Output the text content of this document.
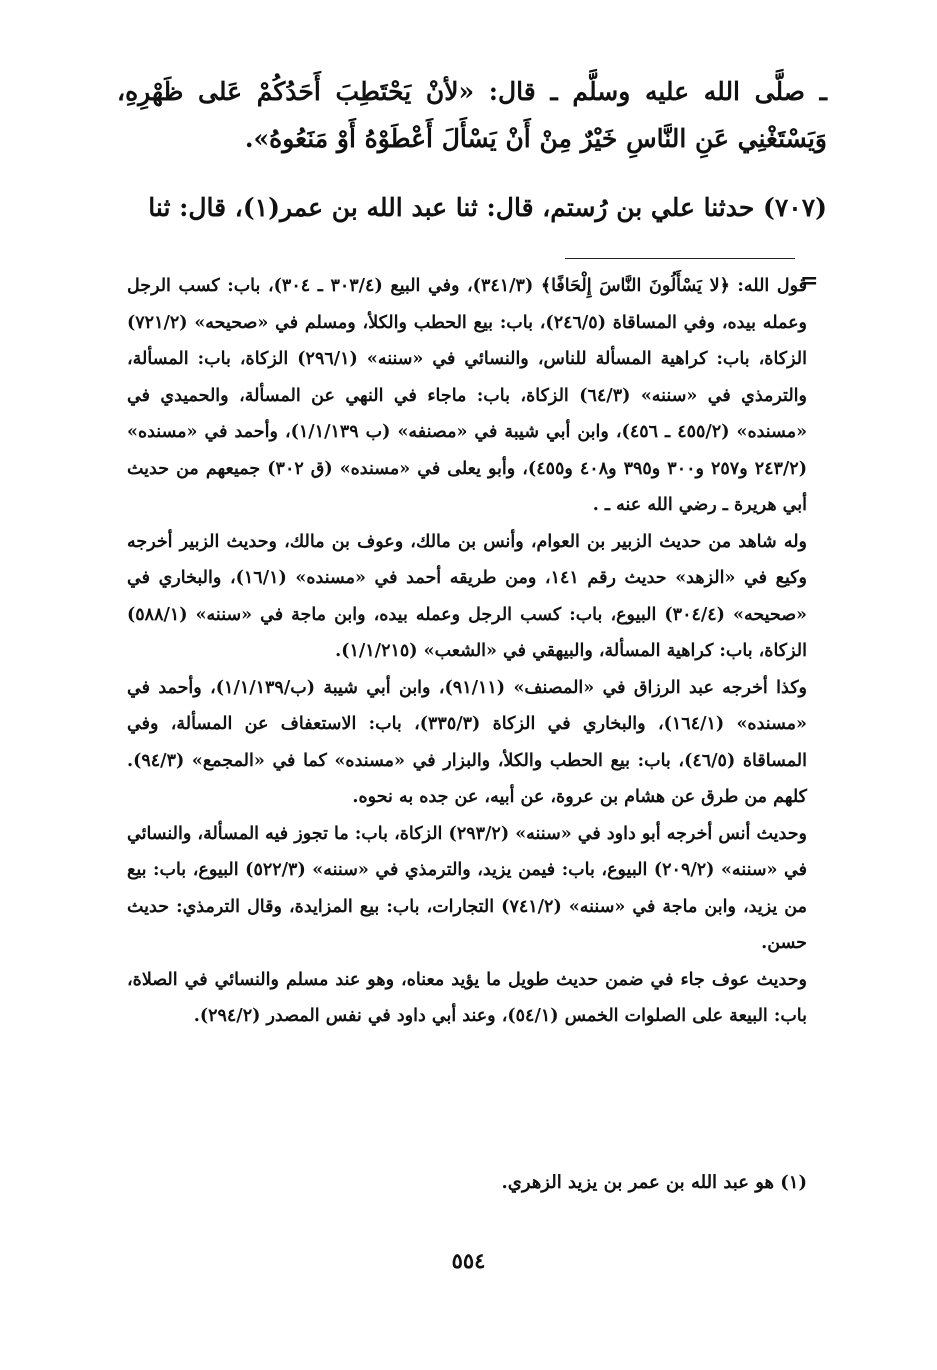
ـ صلَّى الله عليه وسلَّم ـ قال: «لأنْ يَحْتَطِبَ أَحَدُكُمْ عَلى ظَهْرِهِ، وَيَسْتَغْنِي عَنِ النَّاسِ خَيْرٌ مِنْ أَنْ يَسْأَلَ أَعْطَوْهُ أَوْ مَنَعُوهُ».
(٧٠٧) حدثنا علي بن رُستم، قال: ثنا عبد الله بن عمر(١)، قال: ثنا
=

قول الله: ﴿لا يَسْأَلُونَ النَّاسَ إِلْحَافًا﴾ (٣٤١/٣)، وفي البيع (٣٠٣/٤ ـ ٣٠٤)، باب: كسب الرجل وعمله بيده، وفي المساقاة (٢٤٦/٥)، باب: بيع الحطب والكلأ، ومسلم في «صحيحه» (٧٢١/٢) الزكاة، باب: كراهية المسألة للناس، والنسائي في «سننه» (٢٩٦/١) الزكاة، باب: المسألة، والترمذي في «سننه» (٦٤/٣) الزكاة، باب: ماجاء في النهي عن المسألة، والحميدي في «مسنده» (٤٥٥/٢ ـ ٤٥٦)، وابن أبي شيبة في «مصنفه» (ب ١/١/١٣٩)، وأحمد في «مسنده» (٢٤٣/٢ و٢٥٧ و٣٠٠ و٣٩٥ و٤٠٨ و٤٥٥)، وأبو يعلى في «مسنده» (ق ٣٠٢) جميعهم من حديث أبي هريرة ـ رضي الله عنه ـ .

وله شاهد من حديث الزبير بن العوام، وأنس بن مالك، وعوف بن مالك، وحديث الزبير أخرجه وكيع في «الزهد» حديث رقم ١٤١، ومن طريقه أحمد في «مسنده» (١٦/١)، والبخاري في «صحيحه» (٣٠٤/٤) البيوع، باب: كسب الرجل وعمله بيده، وابن ماجة في «سننه» (٥٨٨/١) الزكاة، باب: كراهية المسألة، والبيهقي في «الشعب» (١/١/٢١٥).

وكذا أخرجه عبد الرزاق في «المصنف» (٩١/١١)، وابن أبي شيبة (ب/١/١/١٣٩)، وأحمد في «مسنده» (١٦٤/١)، والبخاري في الزكاة (٣٣٥/٣)، باب: الاستعفاف عن المسألة، وفي المساقاة (٤٦/٥)، باب: بيع الحطب والكلأ، والبزار في «مسنده» كما في «المجمع» (٩٤/٣). كلهم من طرق عن هشام بن عروة، عن أبيه، عن جده به نحوه.

وحديث أنس أخرجه أبو داود في «سننه» (٢٩٣/٢) الزكاة، باب: ما تجوز فيه المسألة، والنسائي في «سننه» (٢٠٩/٢) البيوع، باب: فيمن يزيد، والترمذي في «سننه» (٥٢٢/٣) البيوع، باب: بيع من يزيد، وابن ماجة في «سننه» (٧٤١/٢) التجارات، باب: بيع المزايدة، وقال الترمذي: حديث حسن.

وحديث عوف جاء في ضمن حديث طويل ما يؤيد معناه، وهو عند مسلم والنسائي في الصلاة، باب: البيعة على الصلوات الخمس (٥٤/١)، وعند أبي داود في نفس المصدر (٢٩٤/٢).

(١) هو عبد الله بن عمر بن يزيد الزهري.
٥٥٤
